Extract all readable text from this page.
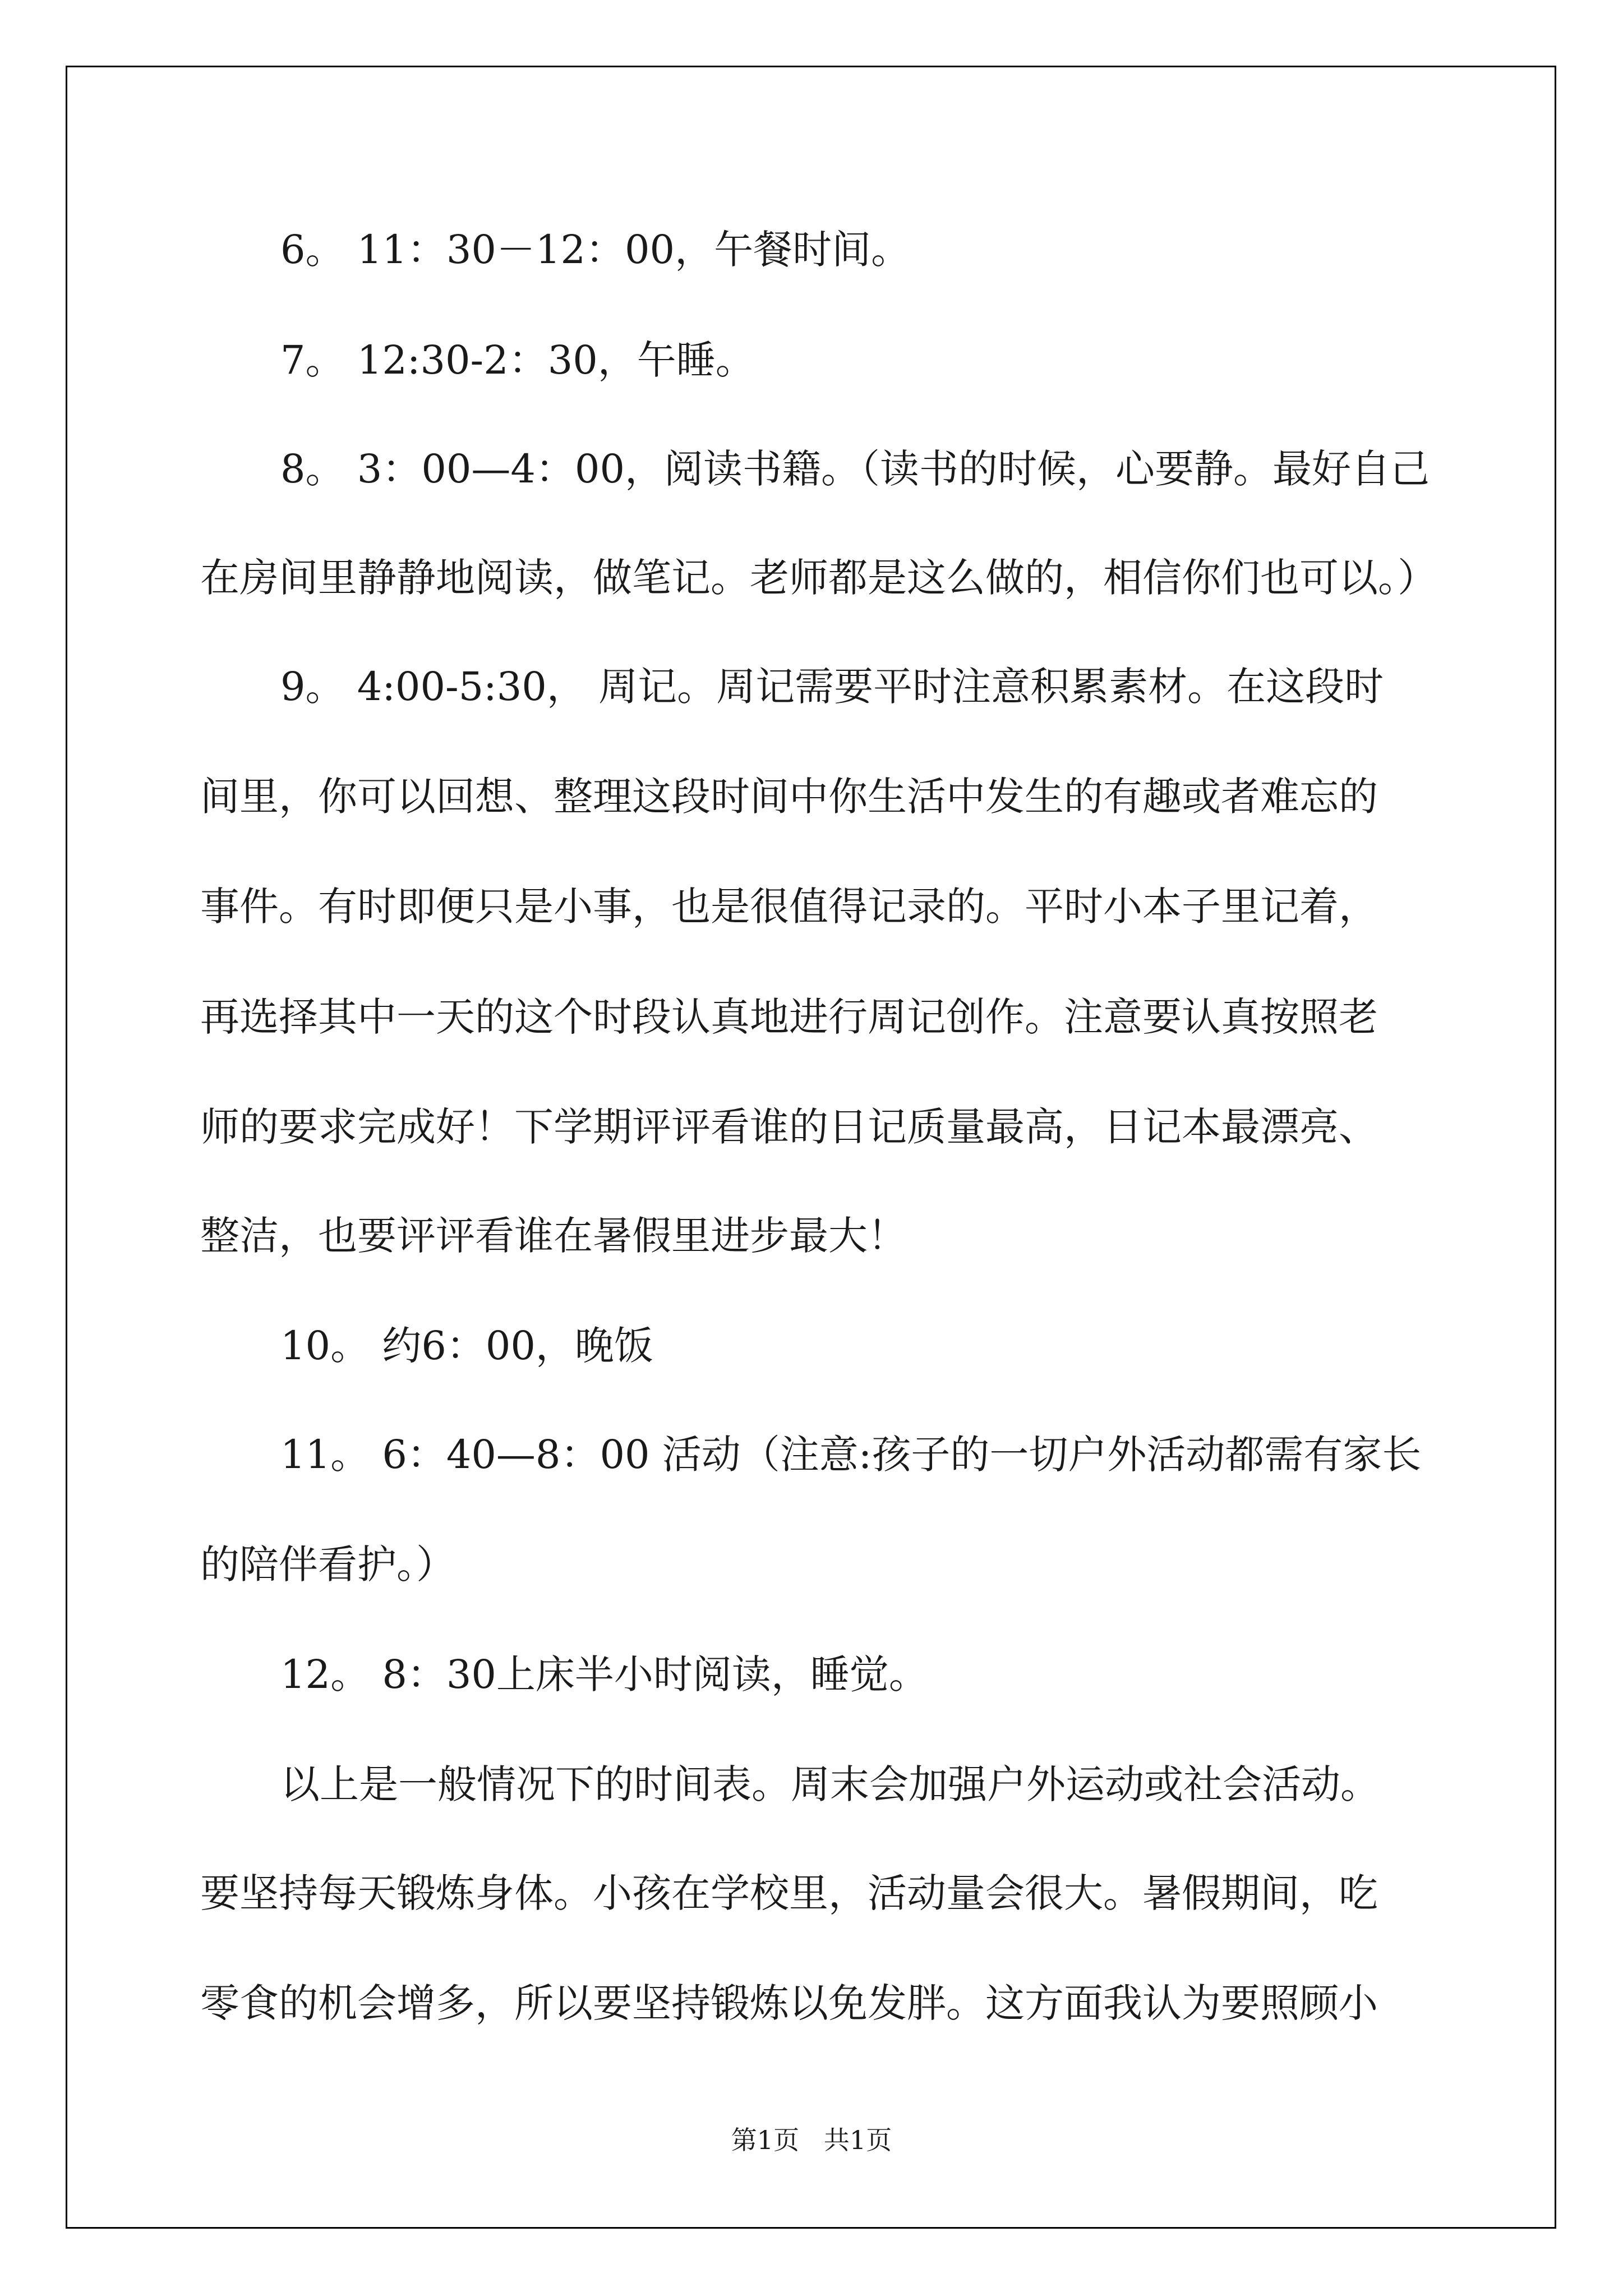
6。 11：30－12：00，午餐时间。

7。 12:30-2：30，午睡。

8。 3：00—4：00，阅读书籍。（读书的时候，心要静。最好自己

在房间里静静地阅读，做笔记。老师都是这么做的，相信你们也可以。）

9。 4:00-5:30， 周记。周记需要平时注意积累素材。在这段时

间里，你可以回想、整理这段时间中你生活中发生的有趣或者难忘的

事件。有时即便只是小事，也是很值得记录的。平时小本子里记着，

再选择其中一天的这个时段认真地进行周记创作。注意要认真按照老

师的要求完成好！下学期评评看谁的日记质量最高，日记本最漂亮、

整洁，也要评评看谁在暑假里进步最大！

10。 约6：00，晚饭

11。 6：40—8：00 活动（注意:孩子的一切户外活动都需有家长

的陪伴看护。）

12。 8：30上床半小时阅读，睡觉。

以上是一般情况下的时间表。周末会加强户外运动或社会活动。

要坚持每天锻炼身体。小孩在学校里，活动量会很大。暑假期间，吃

零食的机会增多，所以要坚持锻炼以免发胖。这方面我认为要照顾小

第1页   共1页
